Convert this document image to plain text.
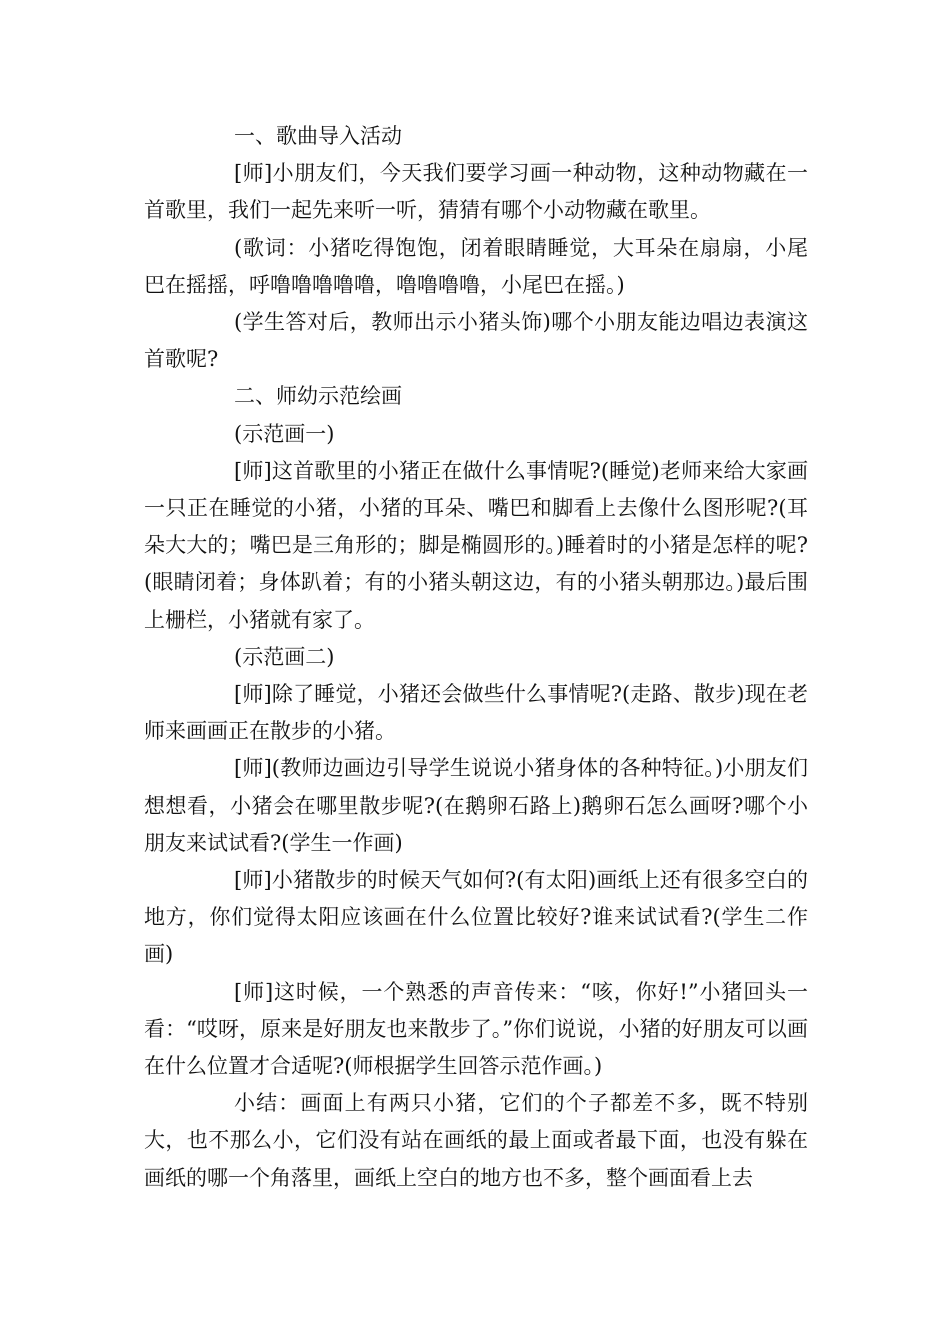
一、歌曲导入活动

[师]小朋友们，今天我们要学习画一种动物，这种动物藏在一首歌里，我们一起先来听一听，猜猜有哪个小动物藏在歌里。

(歌词：小猪吃得饱饱，闭着眼睛睡觉，大耳朵在扇扇，小尾巴在摇摇，呼噜噜噜噜噜，噜噜噜噜，小尾巴在摇。)

(学生答对后，教师出示小猪头饰)哪个小朋友能边唱边表演这首歌呢?

二、师幼示范绘画

(示范画一)

[师]这首歌里的小猪正在做什么事情呢?(睡觉)老师来给大家画一只正在睡觉的小猪，小猪的耳朵、嘴巴和脚看上去像什么图形呢?(耳朵大大的；嘴巴是三角形的；脚是椭圆形的。)睡着时的小猪是怎样的呢?(眼睛闭着；身体趴着；有的小猪头朝这边，有的小猪头朝那边。)最后围上栅栏，小猪就有家了。

(示范画二)

[师]除了睡觉，小猪还会做些什么事情呢?(走路、散步)现在老师来画画正在散步的小猪。

[师](教师边画边引导学生说说小猪身体的各种特征。)小朋友们想想看，小猪会在哪里散步呢?(在鹅卵石路上)鹅卵石怎么画呀?哪个小朋友来试试看?(学生一作画)

[师]小猪散步的时候天气如何?(有太阳)画纸上还有很多空白的地方，你们觉得太阳应该画在什么位置比较好?谁来试试看?(学生二作画)

[师]这时候，一个熟悉的声音传来：“咳，你好!”小猪回头一看：“哎呀，原来是好朋友也来散步了。”你们说说，小猪的好朋友可以画在什么位置才合适呢?(师根据学生回答示范作画。)

小结：画面上有两只小猪，它们的个子都差不多，既不特别大，也不那么小，它们没有站在画纸的最上面或者最下面，也没有躲在画纸的哪一个角落里，画纸上空白的地方也不多，整个画面看上去
